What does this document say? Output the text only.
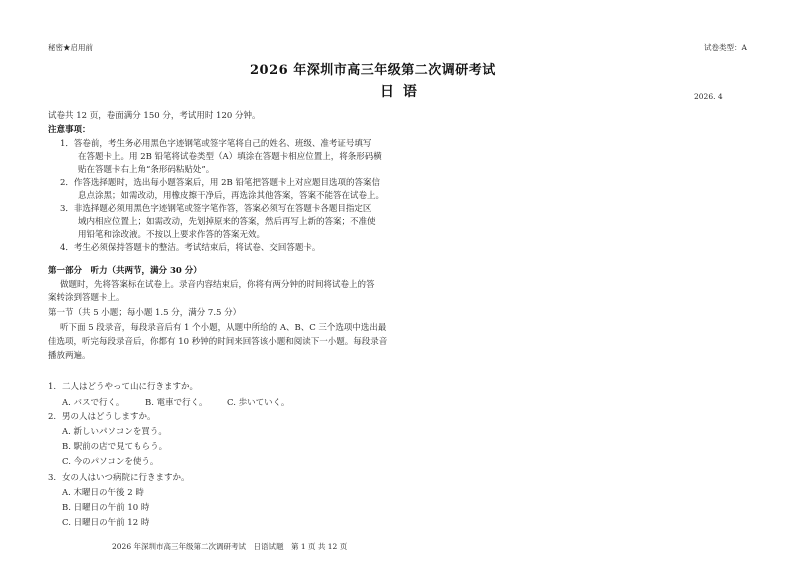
秘密★启用前	试卷类型：A
2026 年深圳市高三年级第二次调研考试
日 语	2026. 4
试卷共 12 页，卷面满分 150 分，考试用时 120 分钟。
注意事项：
1．答卷前，考生务必用黑色字迹钢笔或签字笔将自己的姓名、班级、准考证号填写
在答题卡上。用 2B 铅笔将试卷类型（A）填涂在答题卡相应位置上，将条形码横
贴在答题卡右上角“条形码粘贴处”。
2．作答选择题时，选出每小题答案后，用 2B 铅笔把答题卡上对应题目选项的答案信
息点涂黑；如需改动，用橡皮擦干净后，再选涂其他答案，答案不能答在试卷上。
3．非选择题必须用黑色字迹钢笔或签字笔作答，答案必须写在答题卡各题目指定区
域内相应位置上；如需改动，先划掉原来的答案，然后再写上新的答案；不准使
用铅笔和涂改液。不按以上要求作答的答案无效。
4．考生必须保持答题卡的整洁。考试结束后，将试卷、交回答题卡。
第一部分　听力（共两节，满分 30 分）
做题时，先将答案标在试卷上。录音内容结束后，你将有两分钟的时间将试卷上的答
案转涂到答题卡上。
第一节（共 5 小题；每小题 1.5 分，满分 7.5 分）
听下面 5 段录音，每段录音后有 1 个小题，从题中所给的 A、B、C 三个选项中选出最
佳选项，听完每段录音后，你都有 10 秒钟的时间来回答该小题和阅读下一小题。每段录音
播放两遍。
1. 二人はどうやって山に行きますか。
A. バスで行く。 B. 電車で行く。 C. 歩いていく。
2. 男の人はどうしますか。
A. 新しいパソコンを買う。
B. 駅前の店で見てもらう。
C. 今のパソコンを使う。
3. 女の人はいつ病院に行きますか。
A. 木曜日の午後 2 時
B. 日曜日の午前 10 時
C. 日曜日の午前 12 時
2026 年深圳市高三年级第二次调研考试　日语试题　第 1 页 共 12 页
